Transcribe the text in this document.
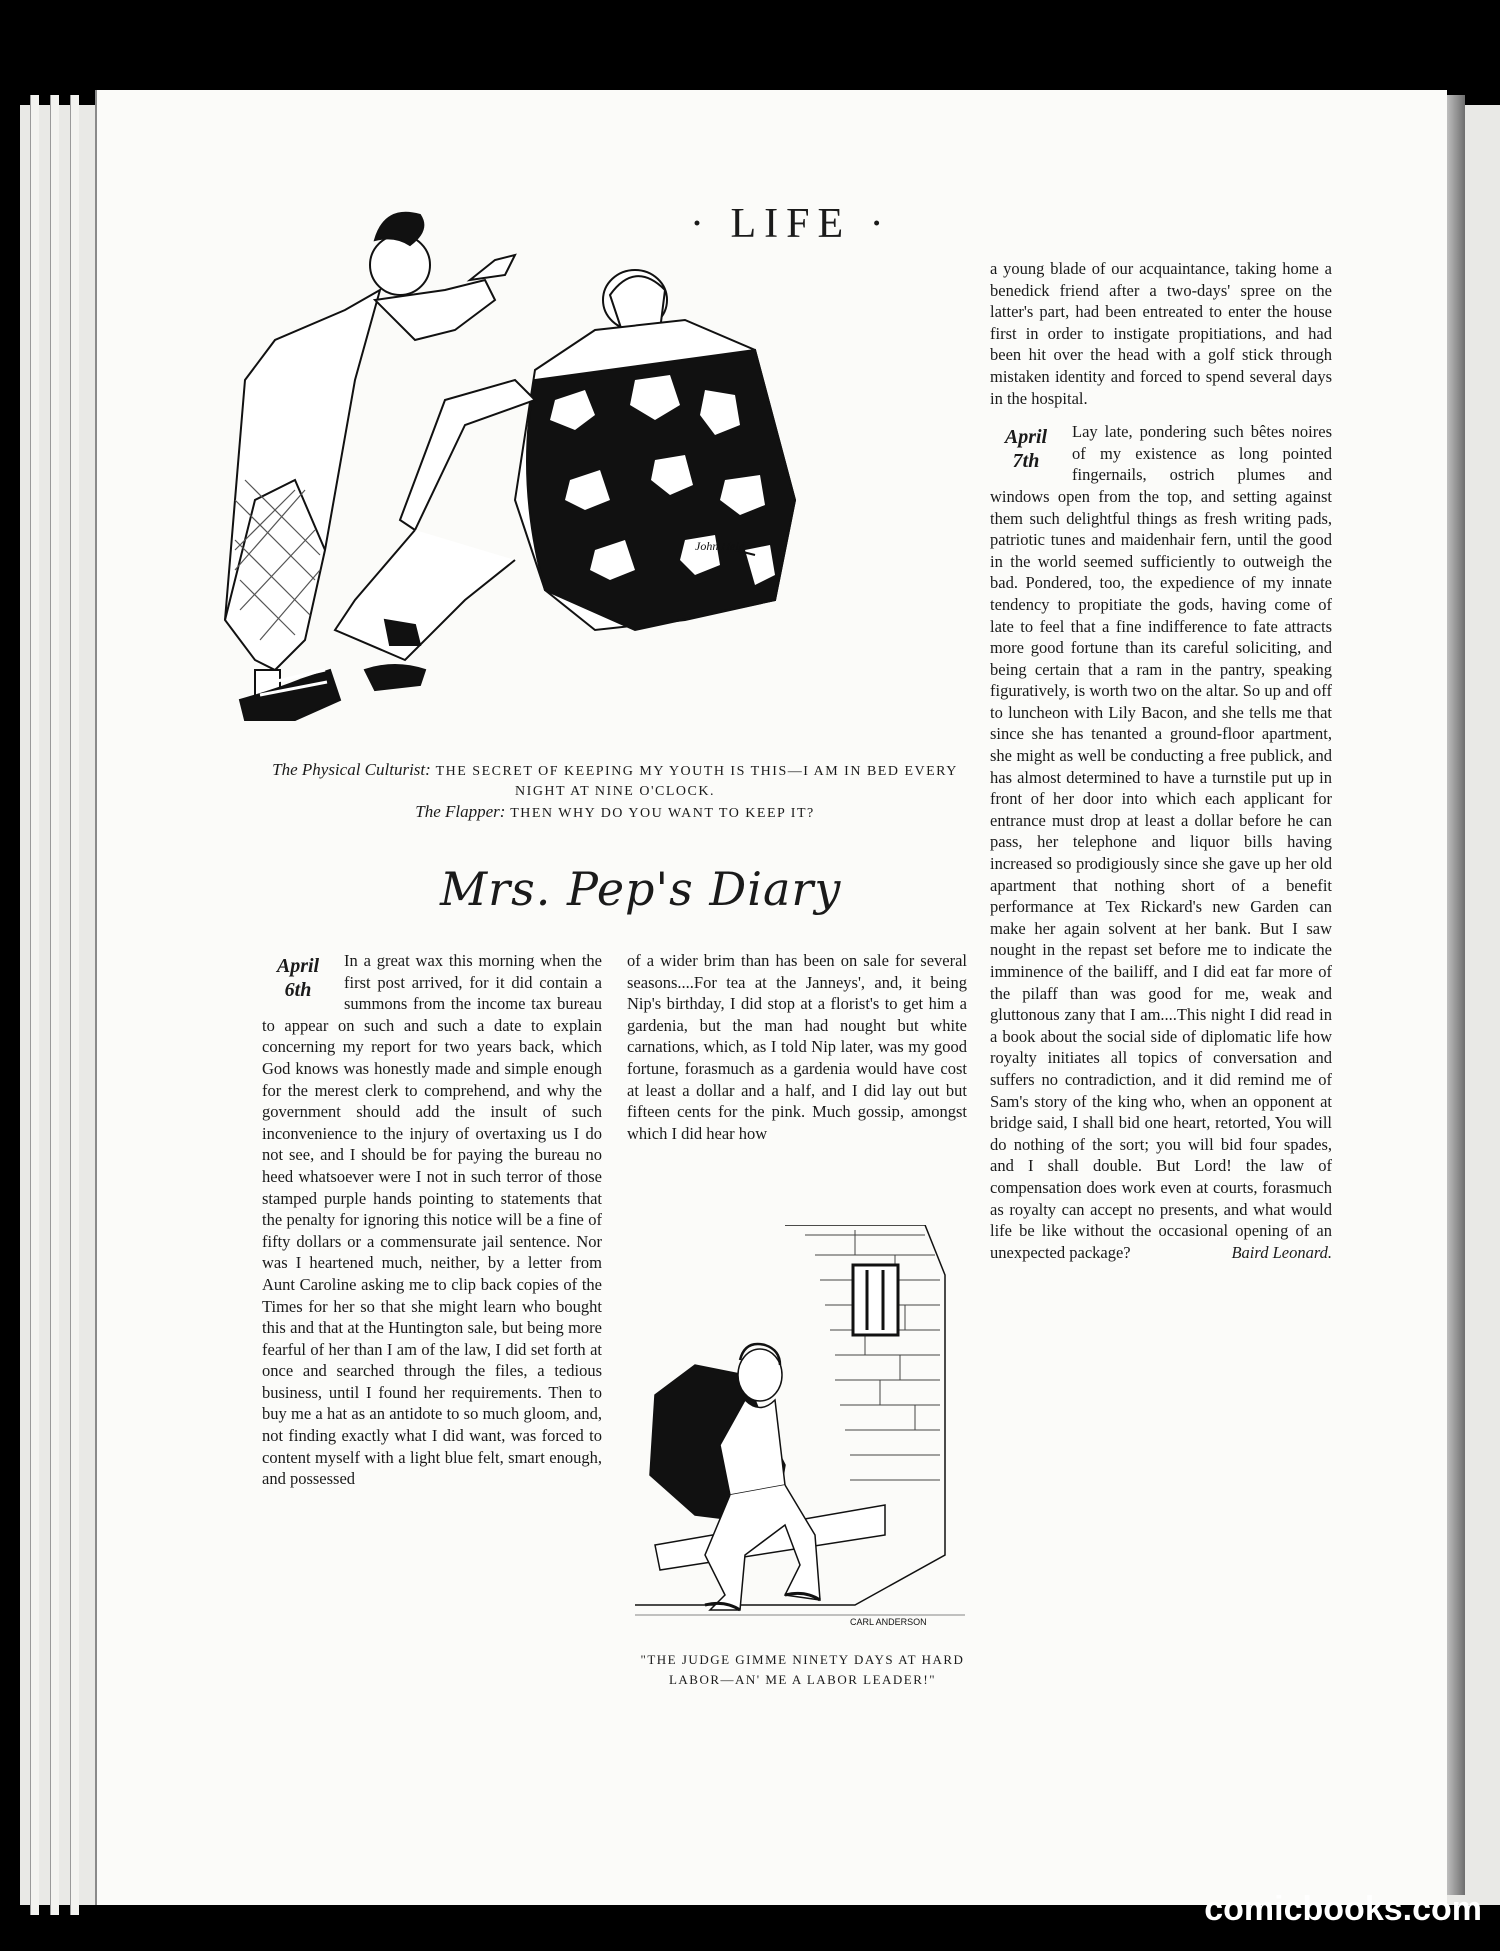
· LIFE ·
John Held
The Physical Culturist: THE SECRET OF KEEPING MY YOUTH IS THIS—I AM IN BED EVERY NIGHT AT NINE O'CLOCK.
The Flapper: THEN WHY DO YOU WANT TO KEEP IT?
Mrs. Pep's Diary
April
6th

In a great wax this morning when the first post arrived, for it did contain a summons from the income tax bureau to appear on such and such a date to explain concerning my report for two years back, which God knows was honestly made and simple enough for the merest clerk to comprehend, and why the government should add the insult of such inconvenience to the injury of overtaxing us I do not see, and I should be for paying the bureau no heed whatsoever were I not in such terror of those stamped purple hands pointing to statements that the penalty for ignoring this notice will be a fine of fifty dollars or a commensurate jail sentence. Nor was I heartened much, neither, by a letter from Aunt Caroline asking me to clip back copies of the Times for her so that she might learn who bought this and that at the Huntington sale, but being more fearful of her than I am of the law, I did set forth at once and searched through the files, a tedious business, until I found her requirements. Then to buy me a hat as an antidote to so much gloom, and, not finding exactly what I did want, was forced to content myself with a light blue felt, smart enough, and possessed

of a wider brim than has been on sale for several seasons....For tea at the Janneys', and, it being Nip's birthday, I did stop at a florist's to get him a gardenia, but the man had nought but white carnations, which, as I told Nip later, was my good fortune, forasmuch as a gardenia would have cost at least a dollar and a half, and I did lay out but fifteen cents for the pink. Much gossip, amongst which I did hear how

CARL ANDERSON
"THE JUDGE GIMME NINETY DAYS AT HARD LABOR—AN' ME A LABOR LEADER!"

a young blade of our acquaintance, taking home a benedick friend after a two-days' spree on the latter's part, had been entreated to enter the house first in order to instigate propitiations, and had been hit over the head with a golf stick through mistaken identity and forced to spend several days in the hospital.

April
7th

Lay late, pondering such bêtes noires of my existence as long pointed fingernails, ostrich plumes and windows open from the top, and setting against them such delightful things as fresh writing pads, patriotic tunes and maidenhair fern, until the good in the world seemed sufficiently to outweigh the bad. Pondered, too, the expedience of my innate tendency to propitiate the gods, having come of late to feel that a fine indifference to fate attracts more good fortune than its careful soliciting, and being certain that a ram in the pantry, speaking figuratively, is worth two on the altar. So up and off to luncheon with Lily Bacon, and she tells me that since she has tenanted a ground-floor apartment, she might as well be conducting a free publick, and has almost determined to have a turnstile put up in front of her door into which each applicant for entrance must drop at least a dollar before he can pass, her telephone and liquor bills having increased so prodigiously since she gave up her old apartment that nothing short of a benefit performance at Tex Rickard's new Garden can make her again solvent at her bank. But I saw nought in the repast set before me to indicate the imminence of the bailiff, and I did eat far more of the pilaff than was good for me, weak and gluttonous zany that I am....This night I did read in a book about the social side of diplomatic life how royalty initiates all topics of conversation and suffers no contradiction, and it did remind me of Sam's story of the king who, when an opponent at bridge said, I shall bid one heart, retorted, You will do nothing of the sort; you will bid four spades, and I shall double. But Lord! the law of compensation does work even at courts, forasmuch as royalty can accept no presents, and what would life be like without the occasional opening of an unexpected package?	Baird Leonard.

comicbooks.com
